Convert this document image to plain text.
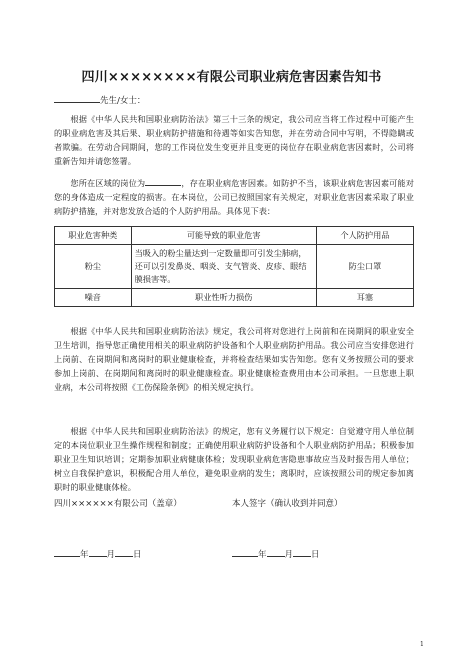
四川××××××××有限公司职业病危害因素告知书
先生/女士：

根据《中华人民共和国职业病防治法》第三十三条的规定，我公司应当将工作过程中可能产生的职业病危害及其后果、职业病防护措施和待遇等如实告知您，并在劳动合同中写明，不得隐瞒或者欺骗。在劳动合同期间，您的工作岗位发生变更并且变更的岗位存在职业病危害因素时，公司将重新告知并请您签署。

您所在区域的岗位为	，存在职业病危害因素。如防护不当，该职业病危害因素可能对您的身体造成一定程度的损害。在本岗位，公司已按照国家有关规定，对职业危害因素采取了职业病防护措施，并对您发放合适的个人防护用品。具体见下表：

职业危害种类	可能导致的职业危害	个人防护用品
粉尘	当吸入的粉尘量达到一定数量即可引发尘肺病，还可以引发鼻炎、咽炎、支气管炎、皮疹、眼结膜损害等。	防尘口罩
噪音	职业性听力损伤	耳塞

根据《中华人民共和国职业病防治法》规定，我公司将对您进行上岗前和在岗期间的职业安全卫生培训，指导您正确使用相关的职业病防护设备和个人职业病防护用品。我公司应当安排您进行上岗前、在岗期间和离岗时的职业健康检查，并将检查结果如实告知您。您有义务按照公司的要求参加上岗前、在岗期间和离岗时的职业健康检查。职业健康检查费用由本公司承担。一旦您患上职业病，本公司将按照《工伤保险条例》的相关规定执行。

根据《中华人民共和国职业病防治法》的规定，您有义务履行以下规定：自觉遵守用人单位制定的本岗位职业卫生操作规程和制度；正确使用职业病防护设备和个人职业病防护用品；积极参加职业卫生知识培训；定期参加职业病健康体检；发现职业病危害隐患事故应当及时报告用人单位；树立自我保护意识，积极配合用人单位，避免职业病的发生；离职时，应该按照公司的规定参加离职时的职业健康体检。

四川××××××有限公司（盖章）	本人签字（确认收到并同意）
年 月 日	年 月 日
1
